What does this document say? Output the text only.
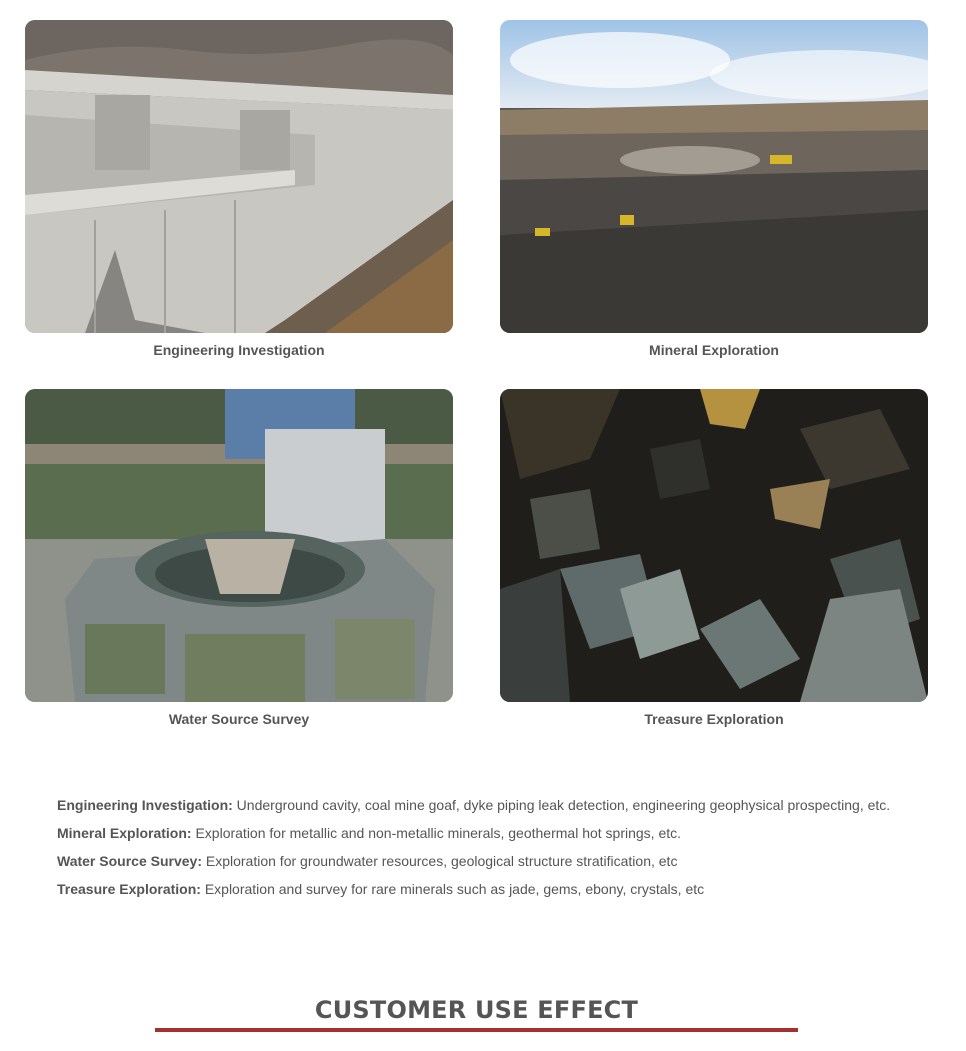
Engineering Investigation	Mineral Exploration
Water Source Survey	Treasure Exploration
Engineering Investigation: Underground cavity, coal mine goaf, dyke piping leak detection, engineering geophysical prospecting, etc.
Mineral Exploration: Exploration for metallic and non-metallic minerals, geothermal hot springs, etc.
Water Source Survey: Exploration for groundwater resources, geological structure stratification, etc
Treasure Exploration: Exploration and survey for rare minerals such as jade, gems, ebony, crystals, etc
CUSTOMER USE EFFECT
